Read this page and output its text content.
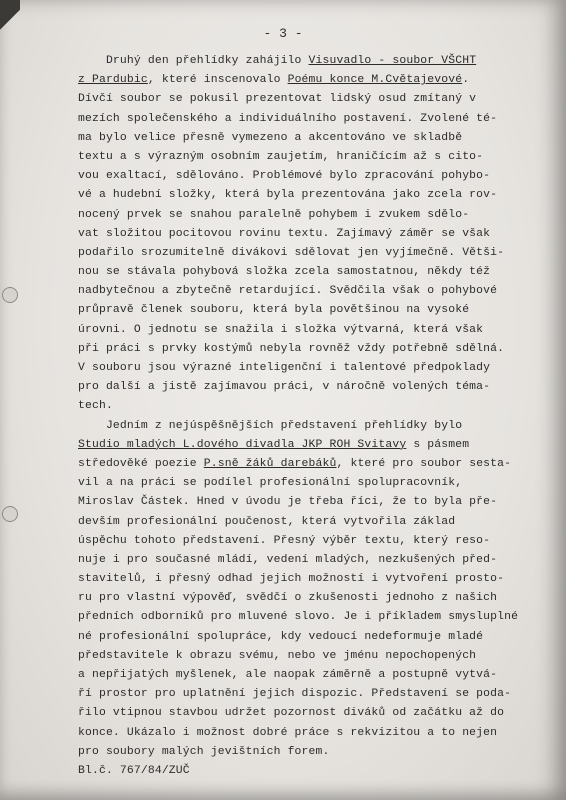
- 3 -
Druhý den přehlídky zahájilo Visuvadlo - soubor VŠCHT
z Pardubic, které inscenovalo Poému konce M.Cvětajevové.
Dívčí soubor se pokusil prezentovat lidský osud zmítaný v
mezích společenského a individuálního postavení. Zvolené té-
ma bylo velice přesně vymezeno a akcentováno ve skladbě
textu a s výrazným osobním zaujetím, hraničícím až s cito-
vou exaltací, sdělováno. Problémové bylo zpracování pohybo-
vé a hudební složky, která byla prezentována jako zcela rov-
nocený prvek se snahou paralelně pohybem i zvukem sdělo-
vat složitou pocitovou rovinu textu. Zajímavý záměr se však
podařilo srozumitelně divákovi sdělovat jen vyjímečně. Větši-
nou se stávala pohybová složka zcela samostatnou, někdy též
nadbytečnou a zbytečně retardující. Svědčila však o pohybové
průpravě členek souboru, která byla povětšinou na vysoké
úrovni. O jednotu se snažila i složka výtvarná, která však
při práci s prvky kostýmů nebyla rovněž vždy potřebně sdělná.
V souboru jsou výrazné inteligenční i talentové předpoklady
pro další a jistě zajímavou práci, v náročně volených téma-
tech.
Jedním z nejúspěšnějších představení přehlídky bylo
Studio mladých L.dového divadla JKP ROH Svitavy s pásmem
středověké poezie P.sně žáků darebáků, které pro soubor sesta-
vil a na práci se podílel profesionální spolupracovník,
Miroslav Částek. Hned v úvodu je třeba říci, že to byla pře-
devším profesionální poučenost, která vytvořila základ
úspěchu tohoto představení. Přesný výběr textu, který reso-
nuje i pro současné mládí, vedení mladých, nezkušených před-
stavitelů, i přesný odhad jejich možností i vytvoření prosto-
ru pro vlastní výpověď, svědčí o zkušenosti jednoho z našich
předních odborníků pro mluvené slovo. Je i příkladem smysluplné
né profesionální spolupráce, kdy vedoucí nedeformuje mladé
představitele k obrazu svému, nebo ve jménu nepochopených
a nepřijatých myšlenek, ale naopak záměrně a postupně vytvá-
ří prostor pro uplatnění jejich dispozic. Představení se poda-
řilo vtipnou stavbou udržet pozornost diváků od začátku až do
konce. Ukázalo i možnost dobré práce s rekvizitou a to nejen
pro soubory malých jevištních forem.
Bl.č. 767/84/ZUČ
